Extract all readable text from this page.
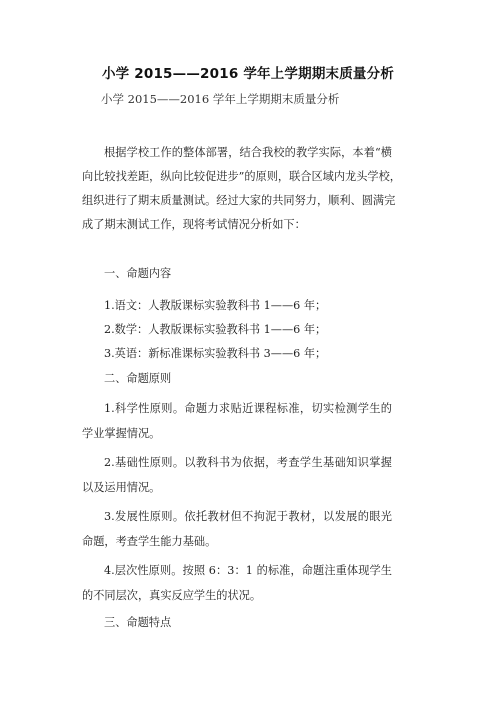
小学 2015——2016 学年上学期期末质量分析
小学 2015——2016 学年上学期期末质量分析
根据学校工作的整体部署，结合我校的教学实际，本着“横
向比较找差距，纵向比较促进步”的原则，联合区域内龙头学校，
组织进行了期末质量测试。经过大家的共同努力，顺利、圆满完
成了期末测试工作，现将考试情况分析如下：
一、命题内容
1.语文：人教版课标实验教科书 1——6 年；
2.数学：人教版课标实验教科书 1——6 年；
3.英语：新标准课标实验教科书 3——6 年；
二、命题原则
1.科学性原则。命题力求贴近课程标准，切实检测学生的
学业掌握情况。
2.基础性原则。以教科书为依据，考查学生基础知识掌握
以及运用情况。
3.发展性原则。依托教材但不拘泥于教材，以发展的眼光
命题，考查学生能力基础。
4.层次性原则。按照 6：3：1 的标准，命题注重体现学生
的不同层次，真实反应学生的状况。
三、命题特点
